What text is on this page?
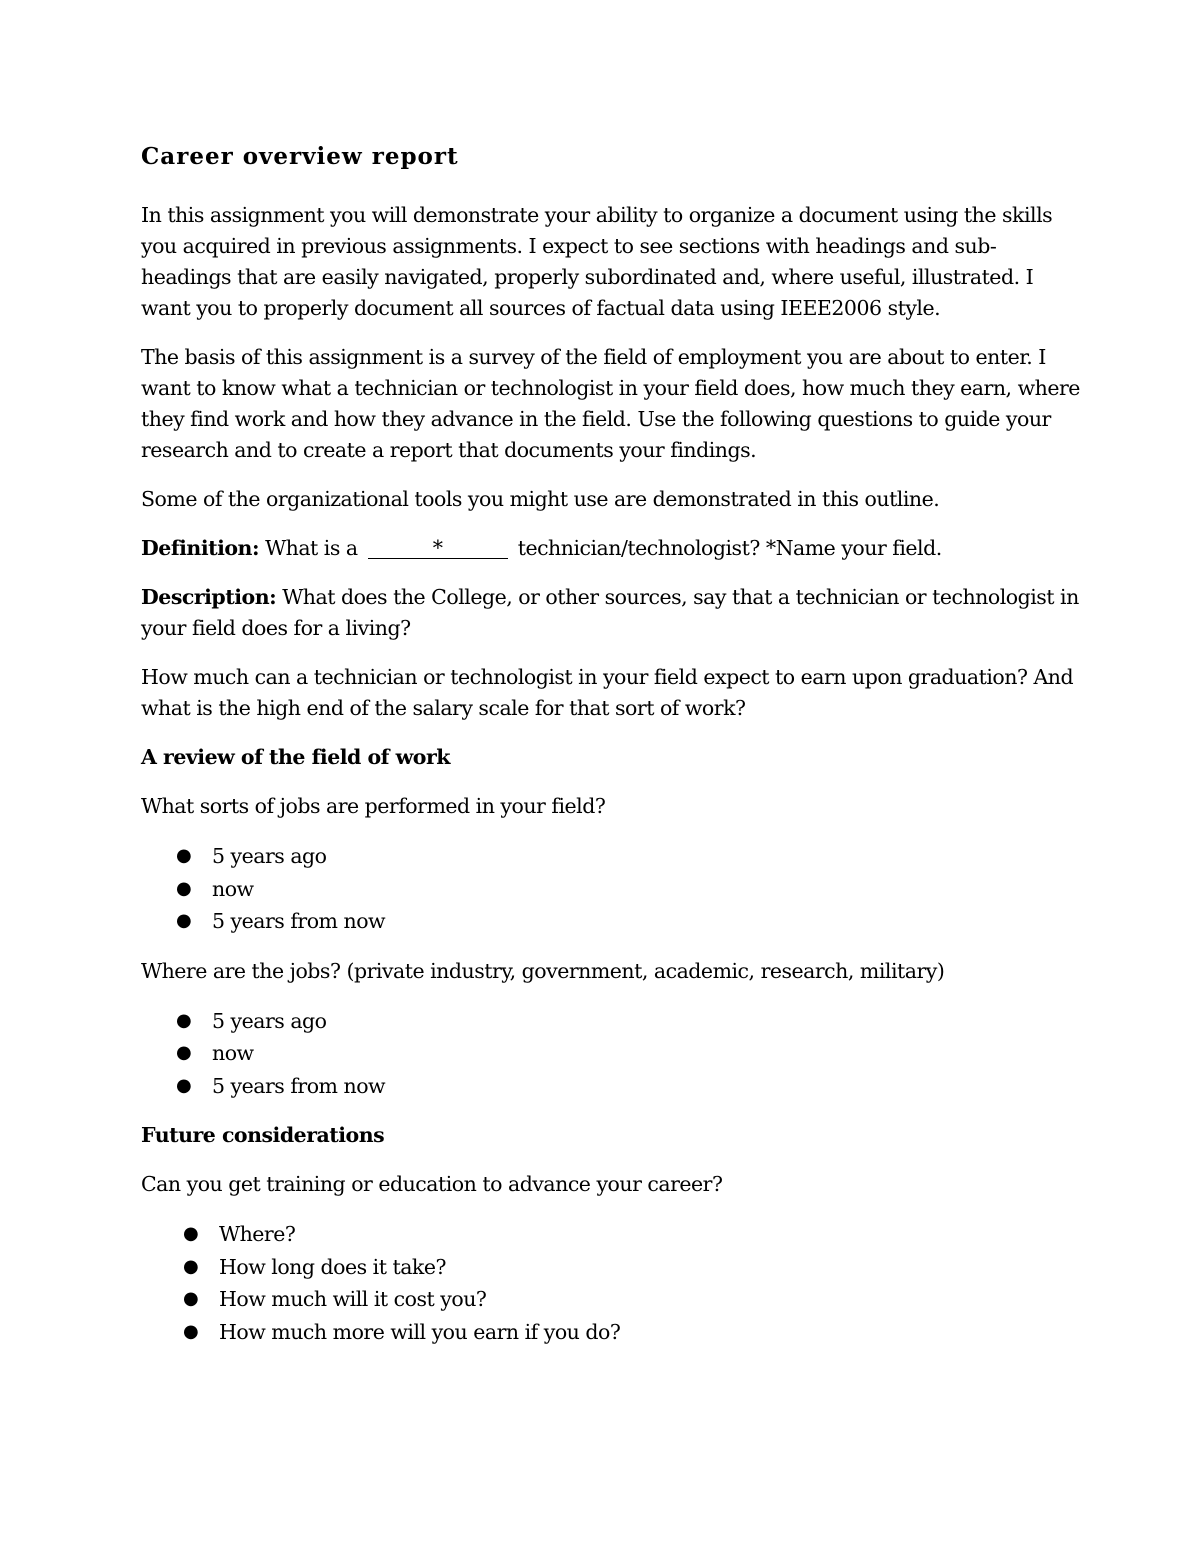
Career overview report

In this assignment you will demonstrate your ability to organize a document using the skills you acquired in previous assignments. I expect to see sections with headings and sub-headings that are easily navigated, properly subordinated and, where useful, illustrated. I want you to properly document all sources of factual data using IEEE2006 style.

The basis of this assignment is a survey of the field of employment you are about to enter. I want to know what a technician or technologist in your field does, how much they earn, where they find work and how they advance in the field. Use the following questions to guide your research and to create a report that documents your findings.

Some of the organizational tools you might use are demonstrated in this outline.

Definition: What is a	*	technician/technologist? *Name your field.

Description: What does the College, or other sources, say that a technician or technologist in your field does for a living?

How much can a technician or technologist in your field expect to earn upon graduation? And what is the high end of the salary scale for that sort of work?

A review of the field of work

What sorts of jobs are performed in your field?

● 5 years ago
● now
● 5 years from now

Where are the jobs? (private industry, government, academic, research, military)

● 5 years ago
● now
● 5 years from now
Future considerations

Can you get training or education to advance your career?

● Where?
● How long does it take?
● How much will it cost you?
● How much more will you earn if you do?
